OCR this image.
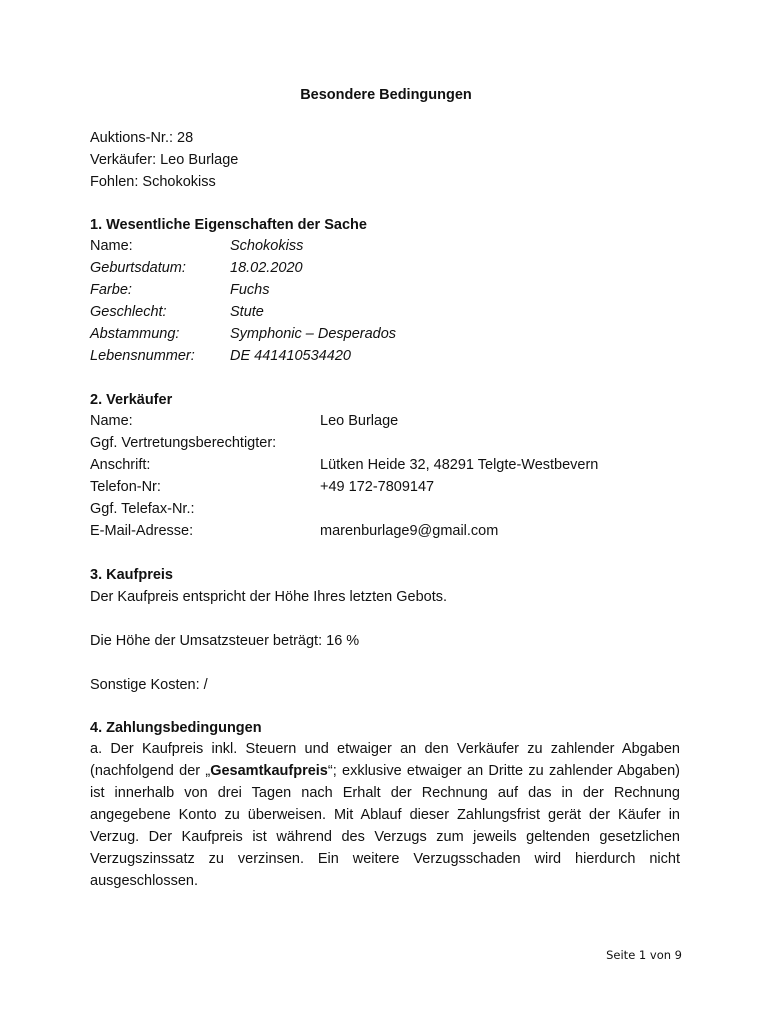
Besondere Bedingungen
Auktions-Nr.: 28
Verkäufer: Leo Burlage
Fohlen: Schokokiss
1. Wesentliche Eigenschaften der Sache
Name:	Schokokiss
Geburtsdatum:	18.02.2020
Farbe:	Fuchs
Geschlecht:	Stute
Abstammung:	Symphonic – Desperados
Lebensnummer: DE 441410534420
2. Verkäufer
Name:	Leo Burlage
Ggf. Vertretungsberechtigter:
Anschrift:	Lütken Heide 32, 48291 Telgte-Westbevern
Telefon-Nr:	+49 172-7809147
Ggf. Telefax-Nr.:
E-Mail-Adresse:	marenburlage9@gmail.com
3. Kaufpreis
Der Kaufpreis entspricht der Höhe Ihres letzten Gebots.
Die Höhe der Umsatzsteuer beträgt: 16 %
Sonstige Kosten: /
4. Zahlungsbedingungen
a. Der Kaufpreis inkl. Steuern und etwaiger an den Verkäufer zu zahlender Abgaben (nachfolgend der „Gesamtkaufpreis“; exklusive etwaiger an Dritte zu zahlender Abgaben) ist innerhalb von drei Tagen nach Erhalt der Rechnung auf das in der Rechnung angegebene Konto zu überweisen. Mit Ablauf dieser Zahlungsfrist gerät der Käufer in Verzug. Der Kaufpreis ist während des Verzugs zum jeweils geltenden gesetzlichen Verzugszinssatz zu verzinsen. Ein weitere Verzugsschaden wird hierdurch nicht ausgeschlossen.
Seite 1 von 9
